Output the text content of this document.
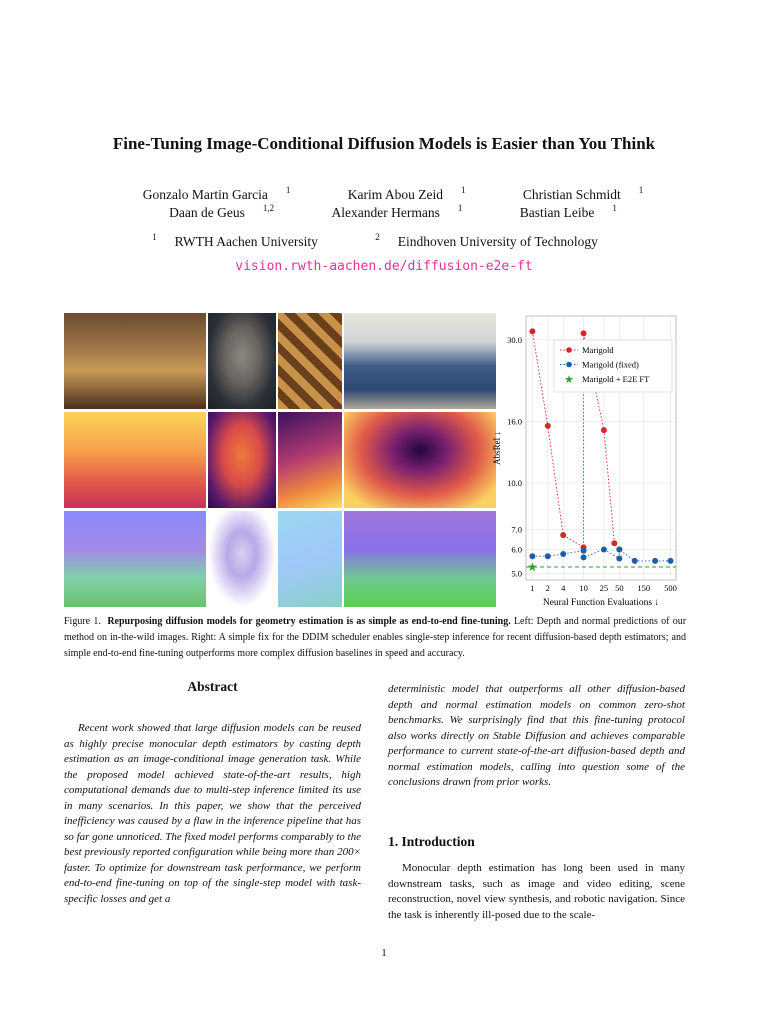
Fine-Tuning Image-Conditional Diffusion Models is Easier than You Think
Gonzalo Martin Garcia $^1$	Karim Abou Zeid $^1$	Christian Schmidt $^1$
Daan de Geus $^{1,2}$	Alexander Hermans $^1$	Bastian Leibe $^1$
$^1$ RWTH Aachen University	$^2$ Eindhoven University of Technology
vision.rwth-aachen.de/diffusion-e2e-ft
5.0
6.0
7.0
10.0
16.0
30.0
1 2 4 10 25 50 150 500
★
AbsRel ↓
Neural Function Evaluations ↓
Marigold
Marigold (fixed)
★ Marigold + E2E FT
Figure 1. Repurposing diffusion models for geometry estimation is as simple as end-to-end fine-tuning. Left: Depth and normal predictions of our method on in-the-wild images. Right: A simple fix for the DDIM scheduler enables single-step inference for recent diffusion-based depth estimators; and simple end-to-end fine-tuning outperforms more complex diffusion baselines in speed and accuracy.
Abstract
Recent work showed that large diffusion models can be reused as highly precise monocular depth estimators by casting depth estimation as an image-conditional image generation task. While the proposed model achieved state-of-the-art results, high computational demands due to multi-step inference limited its use in many scenarios. In this paper, we show that the perceived inefficiency was caused by a flaw in the inference pipeline that has so far gone unnoticed. The fixed model performs comparably to the best previously reported configuration while being more than 200× faster. To optimize for downstream task performance, we perform end-to-end fine-tuning on top of the single-step model with task-specific losses and get a
deterministic model that outperforms all other diffusion-based depth and normal estimation models on common zero-shot benchmarks. We surprisingly find that this fine-tuning protocol also works directly on Stable Diffusion and achieves comparable performance to current state-of-the-art diffusion-based depth and normal estimation models, calling into question some of the conclusions drawn from prior works.
1. Introduction
Monocular depth estimation has long been used in many downstream tasks, such as image and video editing, scene reconstruction, novel view synthesis, and robotic navigation. Since the task is inherently ill-posed due to the scale-
1
